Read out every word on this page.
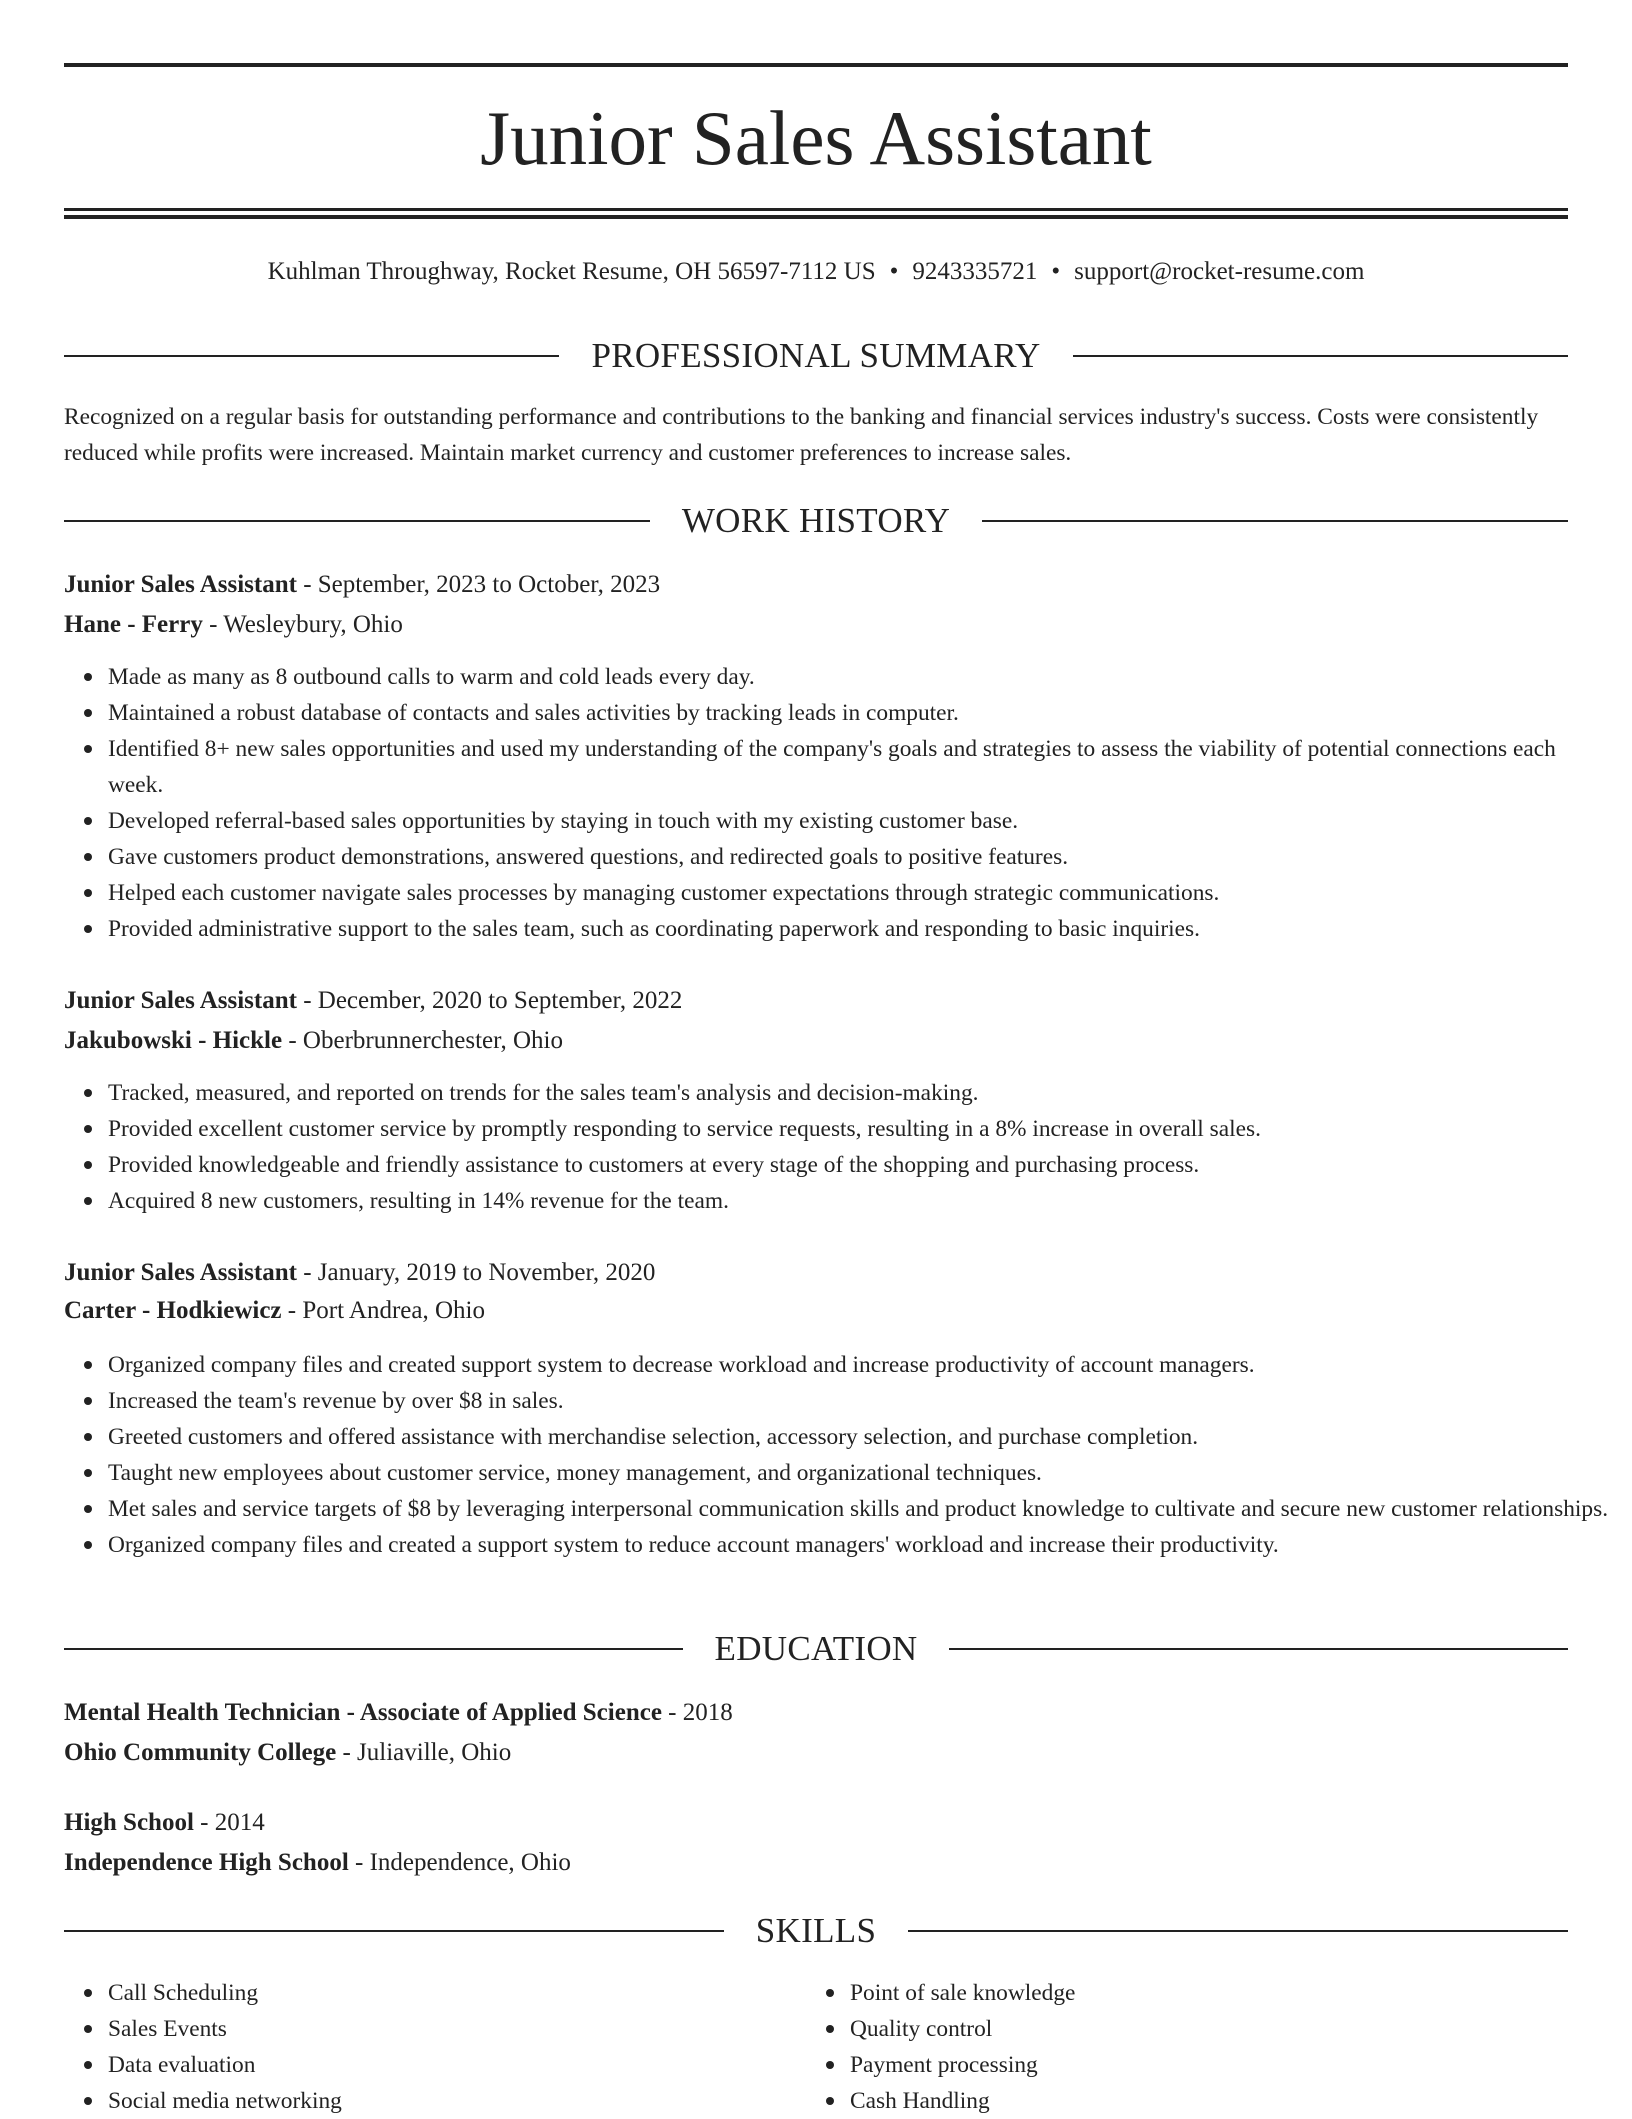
Junior Sales Assistant
Kuhlman Throughway, Rocket Resume, OH 56597-7112 US • 9243335721 • support@rocket-resume.com
PROFESSIONAL SUMMARY

Recognized on a regular basis for outstanding performance and contributions to the banking and financial services industry's success. Costs were consistently reduced while profits were increased. Maintain market currency and customer preferences to increase sales.

WORK HISTORY
Junior Sales Assistant - September, 2023 to October, 2023
Hane - Ferry - Wesleybury, Ohio
Made as many as 8 outbound calls to warm and cold leads every day.
Maintained a robust database of contacts and sales activities by tracking leads in computer.
Identified 8+ new sales opportunities and used my understanding of the company's goals and strategies to assess the viability of potential connections each week.
Developed referral-based sales opportunities by staying in touch with my existing customer base.
Gave customers product demonstrations, answered questions, and redirected goals to positive features.
Helped each customer navigate sales processes by managing customer expectations through strategic communications.
Provided administrative support to the sales team, such as coordinating paperwork and responding to basic inquiries.
Junior Sales Assistant - December, 2020 to September, 2022
Jakubowski - Hickle - Oberbrunnerchester, Ohio
Tracked, measured, and reported on trends for the sales team's analysis and decision-making.
Provided excellent customer service by promptly responding to service requests, resulting in a 8% increase in overall sales.
Provided knowledgeable and friendly assistance to customers at every stage of the shopping and purchasing process.
Acquired 8 new customers, resulting in 14% revenue for the team.
Junior Sales Assistant - January, 2019 to November, 2020
Carter - Hodkiewicz - Port Andrea, Ohio
Organized company files and created support system to decrease workload and increase productivity of account managers.
Increased the team's revenue by over $8 in sales.
Greeted customers and offered assistance with merchandise selection, accessory selection, and purchase completion.
Taught new employees about customer service, money management, and organizational techniques.
Met sales and service targets of $8 by leveraging interpersonal communication skills and product knowledge to cultivate and secure new customer relationships.
Organized company files and created a support system to reduce account managers' workload and increase their productivity.
EDUCATION
Mental Health Technician - Associate of Applied Science - 2018
Ohio Community College - Juliaville, Ohio
High School - 2014
Independence High School - Independence, Ohio
SKILLS
Call Scheduling
Sales Events
Data evaluation
Social media networking
Point of sale knowledge
Quality control
Payment processing
Cash Handling
